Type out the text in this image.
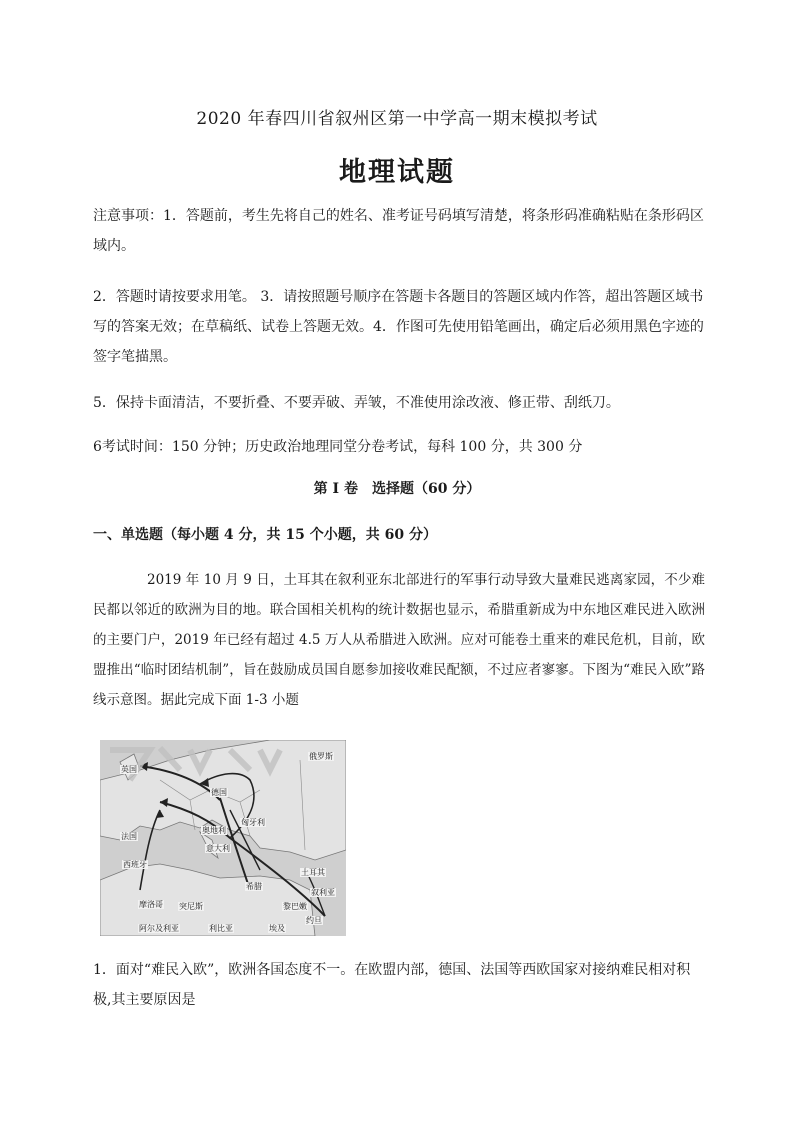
2020 年春四川省叙州区第一中学高一期末模拟考试
地理试题
注意事项：1．答题前，考生先将自己的姓名、准考证号码填写清楚，将条形码准确粘贴在条形码区域内。
2．答题时请按要求用笔。 3．请按照题号顺序在答题卡各题目的答题区域内作答，超出答题区域书写的答案无效；在草稿纸、试卷上答题无效。4．作图可先使用铅笔画出，确定后必须用黑色字迹的签字笔描黑。
5．保持卡面清洁，不要折叠、不要弄破、弄皱，不准使用涂改液、修正带、刮纸刀。
6考试时间：150 分钟；历史政治地理同堂分卷考试，每科 100 分，共 300 分
第 I 卷　选择题（60 分）
一、单选题（每小题 4 分，共 15 个小题，共 60 分）
2019 年 10 月 9 日，土耳其在叙利亚东北部进行的军事行动导致大量难民逃离家园，不少难民都以邻近的欧洲为目的地。联合国相关机构的统计数据也显示，希腊重新成为中东地区难民进入欧洲的主要门户，2019 年已经有超过 4.5 万人从希腊进入欧洲。应对可能卷土重来的难民危机，目前，欧盟推出“临时团结机制”，旨在鼓励成员国自愿参加接收难民配额，不过应者寥寥。下图为“难民入欧”路线示意图。据此完成下面 1-3 小题
英国
德国
俄罗斯
匈牙利
奥地利
法国
意大利
西班牙
土耳其
希腊
叙利亚
摩洛哥 突尼斯	黎巴嫩
约旦
阿尔及利亚	利比亚	埃及
1．面对“难民入欧”，欧洲各国态度不一。在欧盟内部，德国、法国等西欧国家对接纳难民相对积极,其主要原因是
